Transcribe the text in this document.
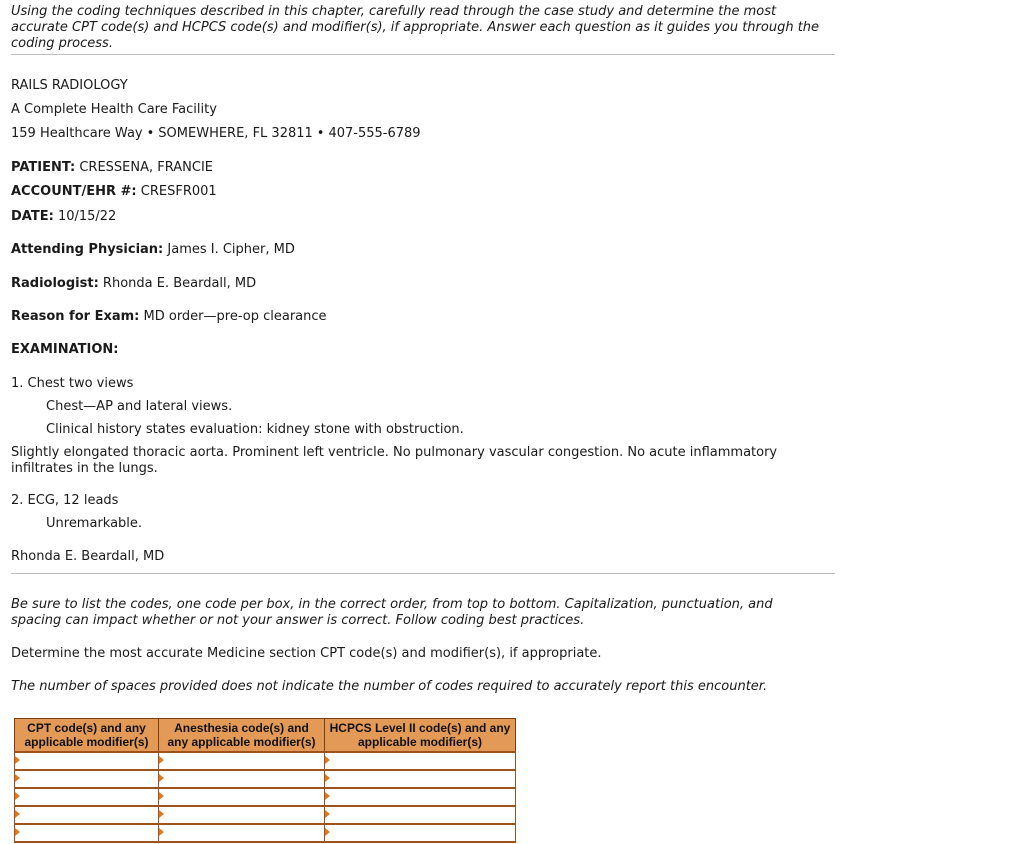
Using the coding techniques described in this chapter, carefully read through the case study and determine the most accurate CPT code(s) and HCPCS code(s) and modifier(s), if appropriate. Answer each question as it guides you through the coding process.

RAILS RADIOLOGY
A Complete Health Care Facility
159 Healthcare Way • SOMEWHERE, FL 32811 • 407-555-6789
PATIENT: CRESSENA, FRANCIE
ACCOUNT/EHR #: CRESFR001
DATE: 10/15/22
Attending Physician: James I. Cipher, MD
Radiologist: Rhonda E. Beardall, MD
Reason for Exam: MD order—pre-op clearance
EXAMINATION:
1. Chest two views
Chest—AP and lateral views.
Clinical history states evaluation: kidney stone with obstruction.
Slightly elongated thoracic aorta. Prominent left ventricle. No pulmonary vascular congestion. No acute inflammatory infiltrates in the lungs.
2. ECG, 12 leads
Unremarkable.
Rhonda E. Beardall, MD

Be sure to list the codes, one code per box, in the correct order, from top to bottom. Capitalization, punctuation, and spacing can impact whether or not your answer is correct. Follow coding best practices.

Determine the most accurate Medicine section CPT code(s) and modifier(s), if appropriate.

The number of spaces provided does not indicate the number of codes required to accurately report this encounter.

CPT code(s) and any applicable modifier(s)	Anesthesia code(s) and any applicable modifier(s)	HCPCS Level II code(s) and any applicable modifier(s)
